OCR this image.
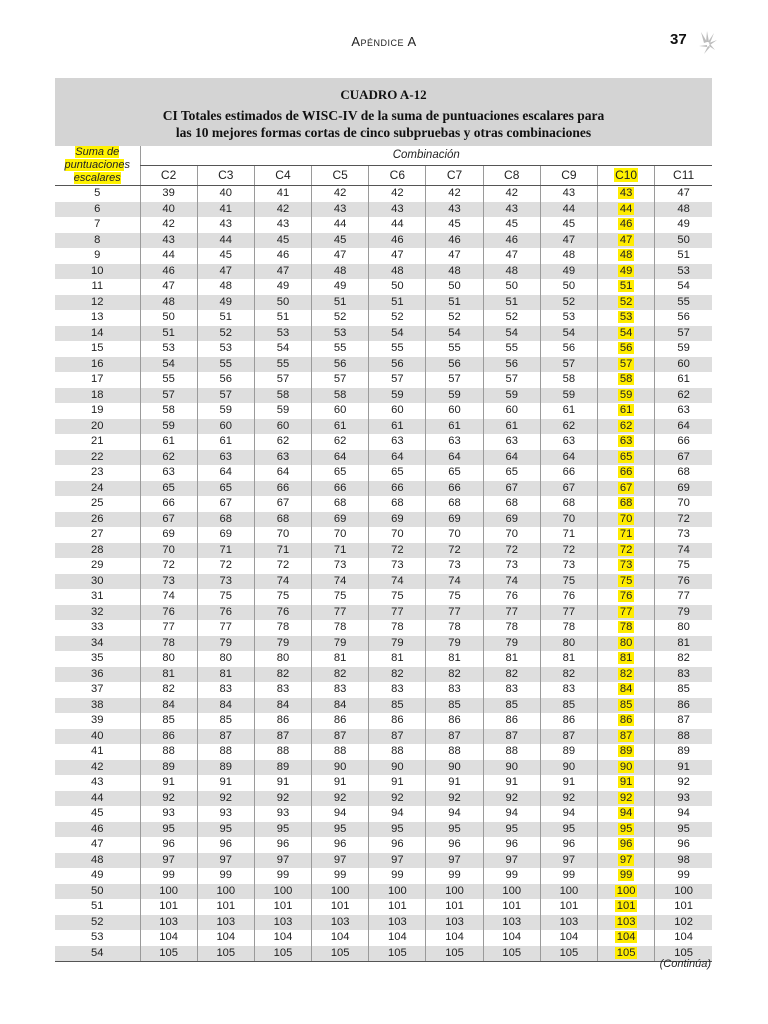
Apéndice A	37
CUADRO A-12
CI Totales estimados de WISC-IV de la suma de puntuaciones escalares para
las 10 mejores formas cortas de cinco subpruebas y otras combinaciones
Suma de
puntuaciones
escalares	Combinación									
	C2	C3	C4	C5	C6	C7	C8	C9	C10	C11
5	39	40	41	42	42	42	42	43	43	47
6	40	41	42	43	43	43	43	44	44	48
7	42	43	43	44	44	45	45	45	46	49
8	43	44	45	45	46	46	46	47	47	50
9	44	45	46	47	47	47	47	48	48	51
10	46	47	47	48	48	48	48	49	49	53
11	47	48	49	49	50	50	50	50	51	54
12	48	49	50	51	51	51	51	52	52	55
13	50	51	51	52	52	52	52	53	53	56
14	51	52	53	53	54	54	54	54	54	57
15	53	53	54	55	55	55	55	56	56	59
16	54	55	55	56	56	56	56	57	57	60
17	55	56	57	57	57	57	57	58	58	61
18	57	57	58	58	59	59	59	59	59	62
19	58	59	59	60	60	60	60	61	61	63
20	59	60	60	61	61	61	61	62	62	64
21	61	61	62	62	63	63	63	63	63	66
22	62	63	63	64	64	64	64	64	65	67
23	63	64	64	65	65	65	65	66	66	68
24	65	65	66	66	66	66	67	67	67	69
25	66	67	67	68	68	68	68	68	68	70
26	67	68	68	69	69	69	69	70	70	72
27	69	69	70	70	70	70	70	71	71	73
28	70	71	71	71	72	72	72	72	72	74
29	72	72	72	73	73	73	73	73	73	75
30	73	73	74	74	74	74	74	75	75	76
31	74	75	75	75	75	75	76	76	76	77
32	76	76	76	77	77	77	77	77	77	79
33	77	77	78	78	78	78	78	78	78	80
34	78	79	79	79	79	79	79	80	80	81
35	80	80	80	81	81	81	81	81	81	82
36	81	81	82	82	82	82	82	82	82	83
37	82	83	83	83	83	83	83	83	84	85
38	84	84	84	84	85	85	85	85	85	86
39	85	85	86	86	86	86	86	86	86	87
40	86	87	87	87	87	87	87	87	87	88
41	88	88	88	88	88	88	88	89	89	89
42	89	89	89	90	90	90	90	90	90	91
43	91	91	91	91	91	91	91	91	91	92
44	92	92	92	92	92	92	92	92	92	93
45	93	93	93	94	94	94	94	94	94	94
46	95	95	95	95	95	95	95	95	95	95
47	96	96	96	96	96	96	96	96	96	96
48	97	97	97	97	97	97	97	97	97	98
49	99	99	99	99	99	99	99	99	99	99
50	100	100	100	100	100	100	100	100	100	100
51	101	101	101	101	101	101	101	101	101	101
52	103	103	103	103	103	103	103	103	103	102
53	104	104	104	104	104	104	104	104	104	104
54	105	105	105	105	105	105	105	105	105	105
(Continúa)
